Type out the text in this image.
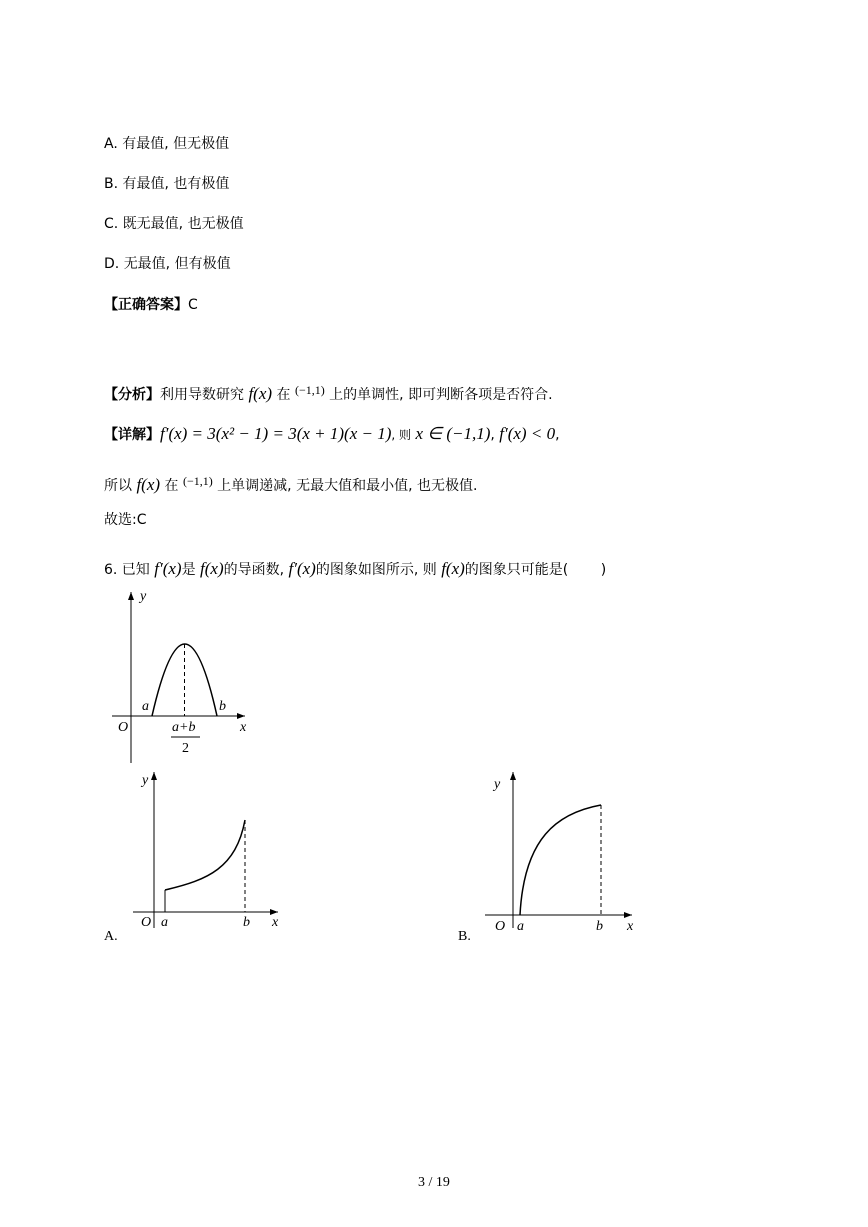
A. 有最值, 但无极值
B. 有最值, 也有极值
C. 既无最值, 也无极值
D. 无最值, 但有极值
【正确答案】C
【分析】利用导数研究 f(x) 在 (−1,1) 上的单调性, 即可判断各项是否符合.
【详解】f′(x) = 3(x² − 1) = 3(x + 1)(x − 1), 则 x ∈ (−1,1), f′(x) < 0,
所以 f(x) 在 (−1,1) 上单调递减, 无最大值和最小值, 也无极值.
故选:C
6. 已知 f′(x)是 f(x)的导函数, f′(x)的图象如图所示, 则 f(x)的图象只可能是( )
y
x
O
a	b
a+b
2
y
x
O a	b
A.
y
x
O a	b
B.
3 / 19
